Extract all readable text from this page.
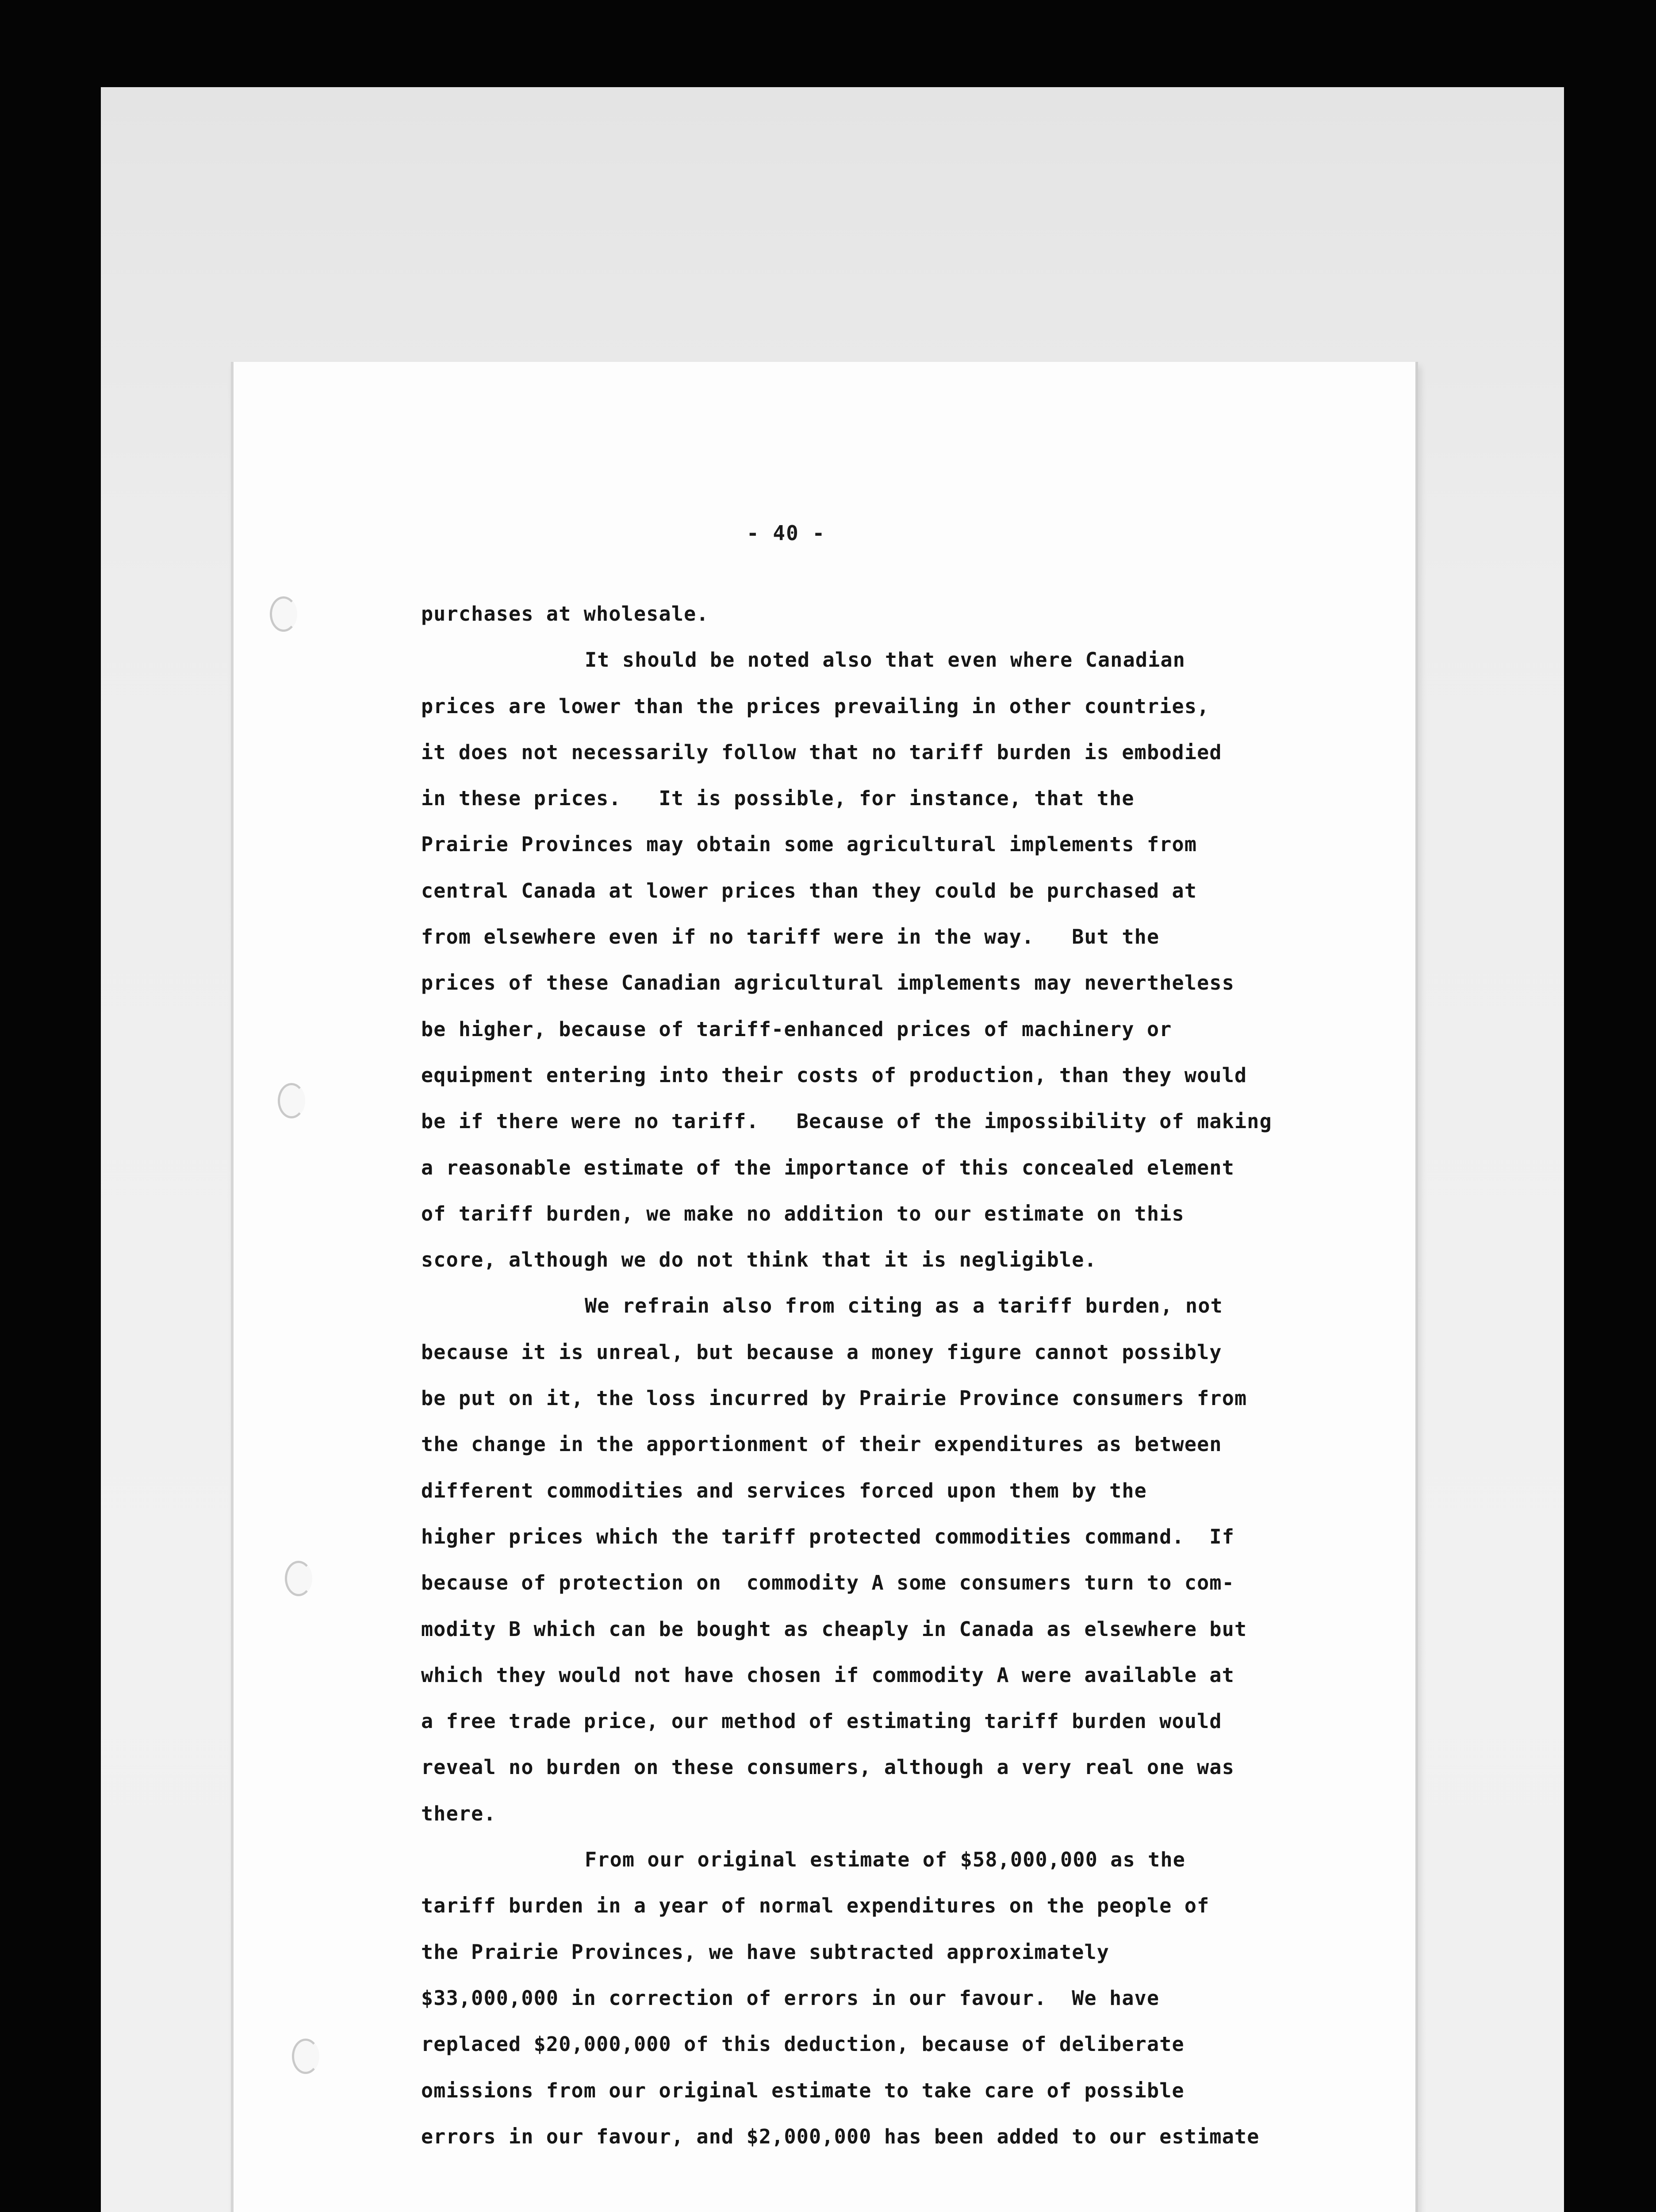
- 40 -
purchases at wholesale.
It should be noted also that even where Canadian
prices are lower than the prices prevailing in other countries,
it does not necessarily follow that no tariff burden is embodied
in these prices.   It is possible, for instance, that the
Prairie Provinces may obtain some agricultural implements from
central Canada at lower prices than they could be purchased at
from elsewhere even if no tariff were in the way.   But the
prices of these Canadian agricultural implements may nevertheless
be higher, because of tariff-enhanced prices of machinery or
equipment entering into their costs of production, than they would
be if there were no tariff.   Because of the impossibility of making
a reasonable estimate of the importance of this concealed element
of tariff burden, we make no addition to our estimate on this
score, although we do not think that it is negligible.
We refrain also from citing as a tariff burden, not
because it is unreal, but because a money figure cannot possibly
be put on it, the loss incurred by Prairie Province consumers from
the change in the apportionment of their expenditures as between
different commodities and services forced upon them by the
higher prices which the tariff protected commodities command.  If
because of protection on  commodity A some consumers turn to com-
modity B which can be bought as cheaply in Canada as elsewhere but
which they would not have chosen if commodity A were available at
a free trade price, our method of estimating tariff burden would
reveal no burden on these consumers, although a very real one was
there.
From our original estimate of $58,000,000 as the
tariff burden in a year of normal expenditures on the people of
the Prairie Provinces, we have subtracted approximately
$33,000,000 in correction of errors in our favour.  We have
replaced $20,000,000 of this deduction, because of deliberate
omissions from our original estimate to take care of possible
errors in our favour, and $2,000,000 has been added to our estimate
